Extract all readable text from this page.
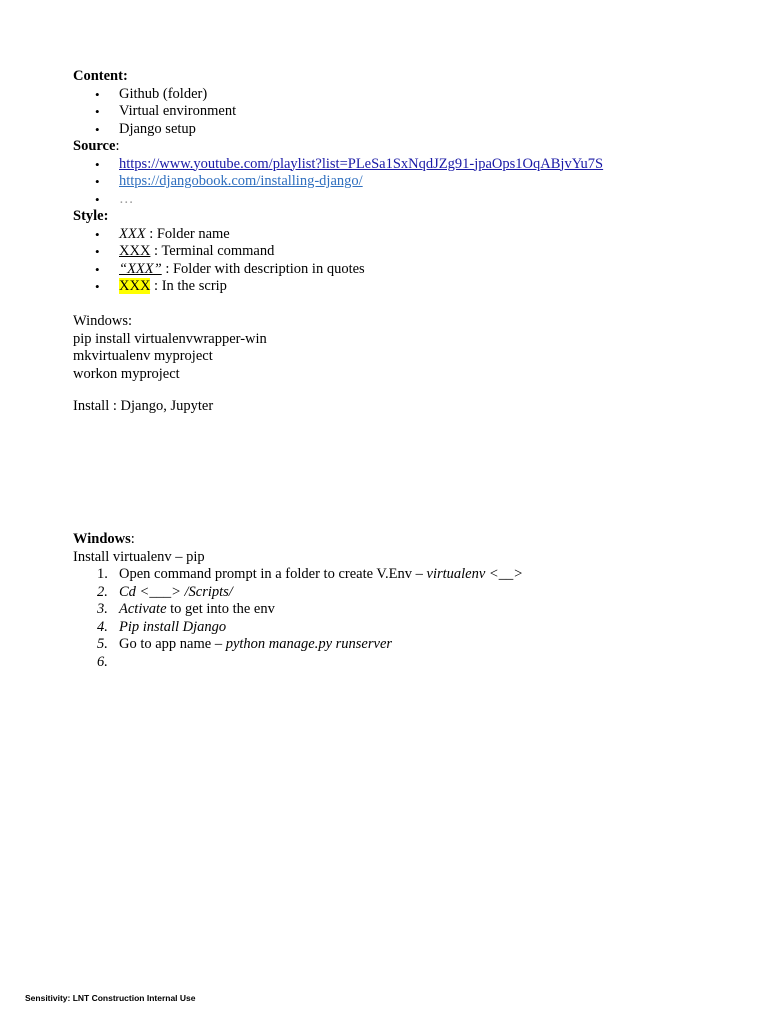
Content:
• Github (folder)
• Virtual environment
• Django setup
Source:
• https://www.youtube.com/playlist?list=PLeSa1SxNqdJZg91-jpaOps1OqABjvYu7S
• https://djangobook.com/installing-django/
• …
Style:
• XXX : Folder name
• XXX : Terminal command
• “XXX” : Folder with description in quotes
• XXX : In the scrip
Windows:
pip install virtualenvwrapper-win
mkvirtualenv myproject
workon myproject
Install : Django, Jupyter
Windows:
Install virtualenv – pip
1. Open command prompt in a folder to create V.Env – virtualenv <__>
2. Cd <___> /Scripts/
3. Activate to get into the env
4. Pip install Django
5. Go to app name – python manage.py runserver
6.
Sensitivity: LNT Construction Internal Use
